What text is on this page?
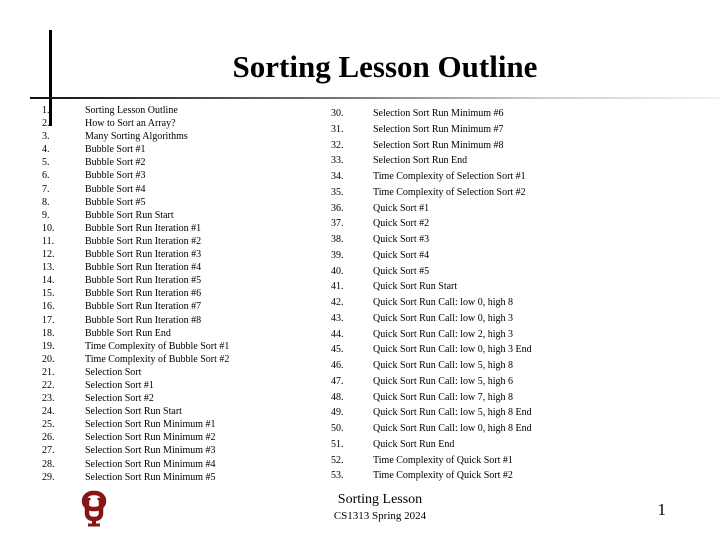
Sorting Lesson Outline
1.	Sorting Lesson Outline
2.	How to Sort an Array?
3.	Many Sorting Algorithms
4.	Bubble Sort #1
5.	Bubble Sort #2
6.	Bubble Sort #3
7.	Bubble Sort #4
8.	Bubble Sort #5
9.	Bubble Sort Run Start
10.	Bubble Sort Run Iteration #1
11.	Bubble Sort Run Iteration #2
12.	Bubble Sort Run Iteration #3
13.	Bubble Sort Run Iteration #4
14.	Bubble Sort Run Iteration #5
15.	Bubble Sort Run Iteration #6
16.	Bubble Sort Run Iteration #7
17.	Bubble Sort Run Iteration #8
18.	Bubble Sort Run End
19.	Time Complexity of Bubble Sort #1
20.	Time Complexity of Bubble Sort #2
21.	Selection Sort
22.	Selection Sort #1
23.	Selection Sort #2
24.	Selection Sort Run Start
25.	Selection Sort Run Minimum #1
26.	Selection Sort Run Minimum #2
27.	Selection Sort Run Minimum #3
28.	Selection Sort Run Minimum #4
29.	Selection Sort Run Minimum #5
30.	Selection Sort Run Minimum #6
31.	Selection Sort Run Minimum #7
32.	Selection Sort Run Minimum #8
33.	Selection Sort Run End
34.	Time Complexity of Selection Sort #1
35.	Time Complexity of Selection Sort #2
36.	Quick Sort #1
37.	Quick Sort #2
38.	Quick Sort #3
39.	Quick Sort #4
40.	Quick Sort #5
41.	Quick Sort Run Start
42.	Quick Sort Run Call: low 0, high 8
43.	Quick Sort Run Call: low 0, high 3
44.	Quick Sort Run Call: low 2, high 3
45.	Quick Sort Run Call: low 0, high 3 End
46.	Quick Sort Run Call: low 5, high 8
47.	Quick Sort Run Call: low 5, high 6
48.	Quick Sort Run Call: low 7, high 8
49.	Quick Sort Run Call: low 5, high 8 End
50.	Quick Sort Run Call: low 0, high 8 End
51.	Quick Sort Run End
52.	Time Complexity of Quick Sort #1
53.	Time Complexity of Quick Sort #2
Sorting Lesson
CS1313 Spring 2024	1
